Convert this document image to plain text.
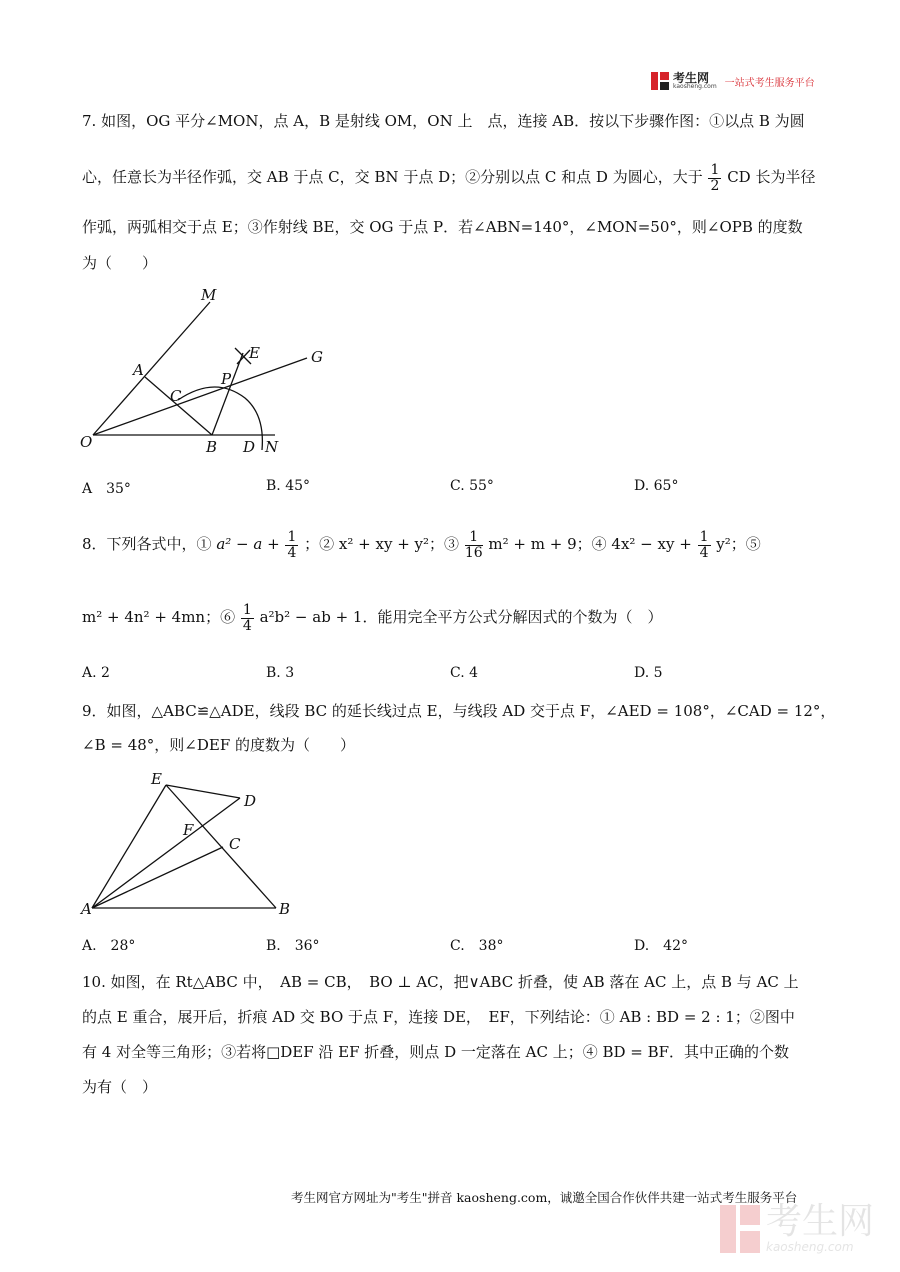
考生网
kaosheng.com 一站式考生服务平台
7. 如图，OG 平分∠MON，点 A，B 是射线 OM，ON 上　点，连接 AB．按以下步骤作图：①以点 B 为圆
心，任意长为半径作弧，交 AB 于点 C，交 BN 于点 D；②分别以点 C 和点 D 为圆心，大于 $\frac{1}{2}$ CD 长为半径
作弧，两弧相交于点 E；③作射线 BE，交 OG 于点 P．若∠ABN=140°，∠MON=50°，则∠OPB 的度数
为（　　）
M
E	G
A	P
C
O	B D N
A　35°	B. 45°	C. 55°	D. 65°
8．下列各式中，① $a^2 - a + \frac{1}{4}$ ；② x² + xy + y²；③ $\frac{1}{16} m^2 + m + 9$；④ 4x² − xy + $\frac{1}{4} y^2$；⑤
m² + 4n² + 4mn；⑥ $\frac{1}{4} a^2b^2$ − ab + 1．能用完全平方公式分解因式的个数为（　）
A. 2	B. 3	C. 4	D. 5
9．如图，△ABC≌△ADE，线段 BC 的延长线过点 E，与线段 AD 交于点 F，∠AED = 108°，∠CAD = 12°，
∠B = 48°，则∠DEF 的度数为（　　）
E
D
F
C
A	B
A.　28°	B.　36°	C.　38°	D.　42°
10. 如图，在 Rt△ABC 中，　AB = CB，　BO ⊥ AC，把∨ABC 折叠，使 AB 落在 AC 上，点 B 与 AC 上
的点 E 重合，展开后，折痕 AD 交 BO 于点 F，连接 DE，　EF，下列结论：① AB : BD = 2 : 1；②图中
有 4 对全等三角形；③若将□DEF 沿 EF 折叠，则点 D 一定落在 AC 上；④ BD = BF．其中正确的个数
为有（　）
考生网官方网址为"考生"拼音 kaosheng.com，诚邀全国合作伙伴共建一站式考生服务平台
考生网
kaosheng.com
